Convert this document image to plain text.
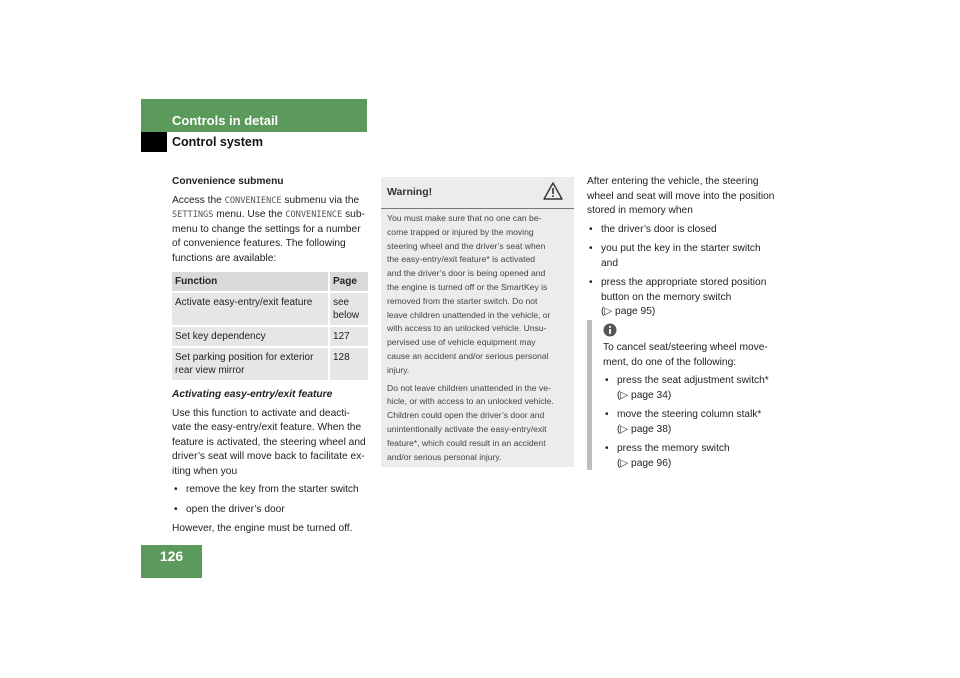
Controls in detail
Control system

Convenience submenu

Access the CONVENIENCE submenu via the
SETTINGS menu. Use the CONVENIENCE sub-
menu to change the settings for a number
of convenience features. The following
functions are available:

Function	Page
Activate easy-entry/exit feature	see below
Set key dependency	127
Set parking position for exterior rear view mirror	128

Activating easy-entry/exit feature

Use this function to activate and deacti-
vate the easy-entry/exit feature. When the
feature is activated, the steering wheel and
driver’s seat will move back to facilitate ex-
iting when you

• remove the key from the starter switch
• open the driver’s door

However, the engine must be turned off.

Warning!

You must make sure that no one can be-
come trapped or injured by the moving
steering wheel and the driver’s seat when
the easy-entry/exit feature* is activated
and the driver’s door is being opened and
the engine is turned off or the SmartKey is
removed from the starter switch. Do not
leave children unattended in the vehicle, or
with access to an unlocked vehicle. Unsu-
pervised use of vehicle equipment may
cause an accident and/or serious personal
injury.

Do not leave children unattended in the ve-
hicle, or with access to an unlocked vehicle.
Children could open the driver’s door and
unintentionally activate the easy-entry/exit
feature*, which could result in an accident
and/or serious personal injury.

After entering the vehicle, the steering
wheel and seat will move into the position
stored in memory when

• the driver’s door is closed
• you put the key in the starter switch
and
• press the appropriate stored position
button on the memory switch
(▷ page 95)

To cancel seat/steering wheel move-
ment, do one of the following:

• press the seat adjustment switch*
(▷ page 34)
• move the steering column stalk*
(▷ page 38)
• press the memory switch
(▷ page 96)
126
